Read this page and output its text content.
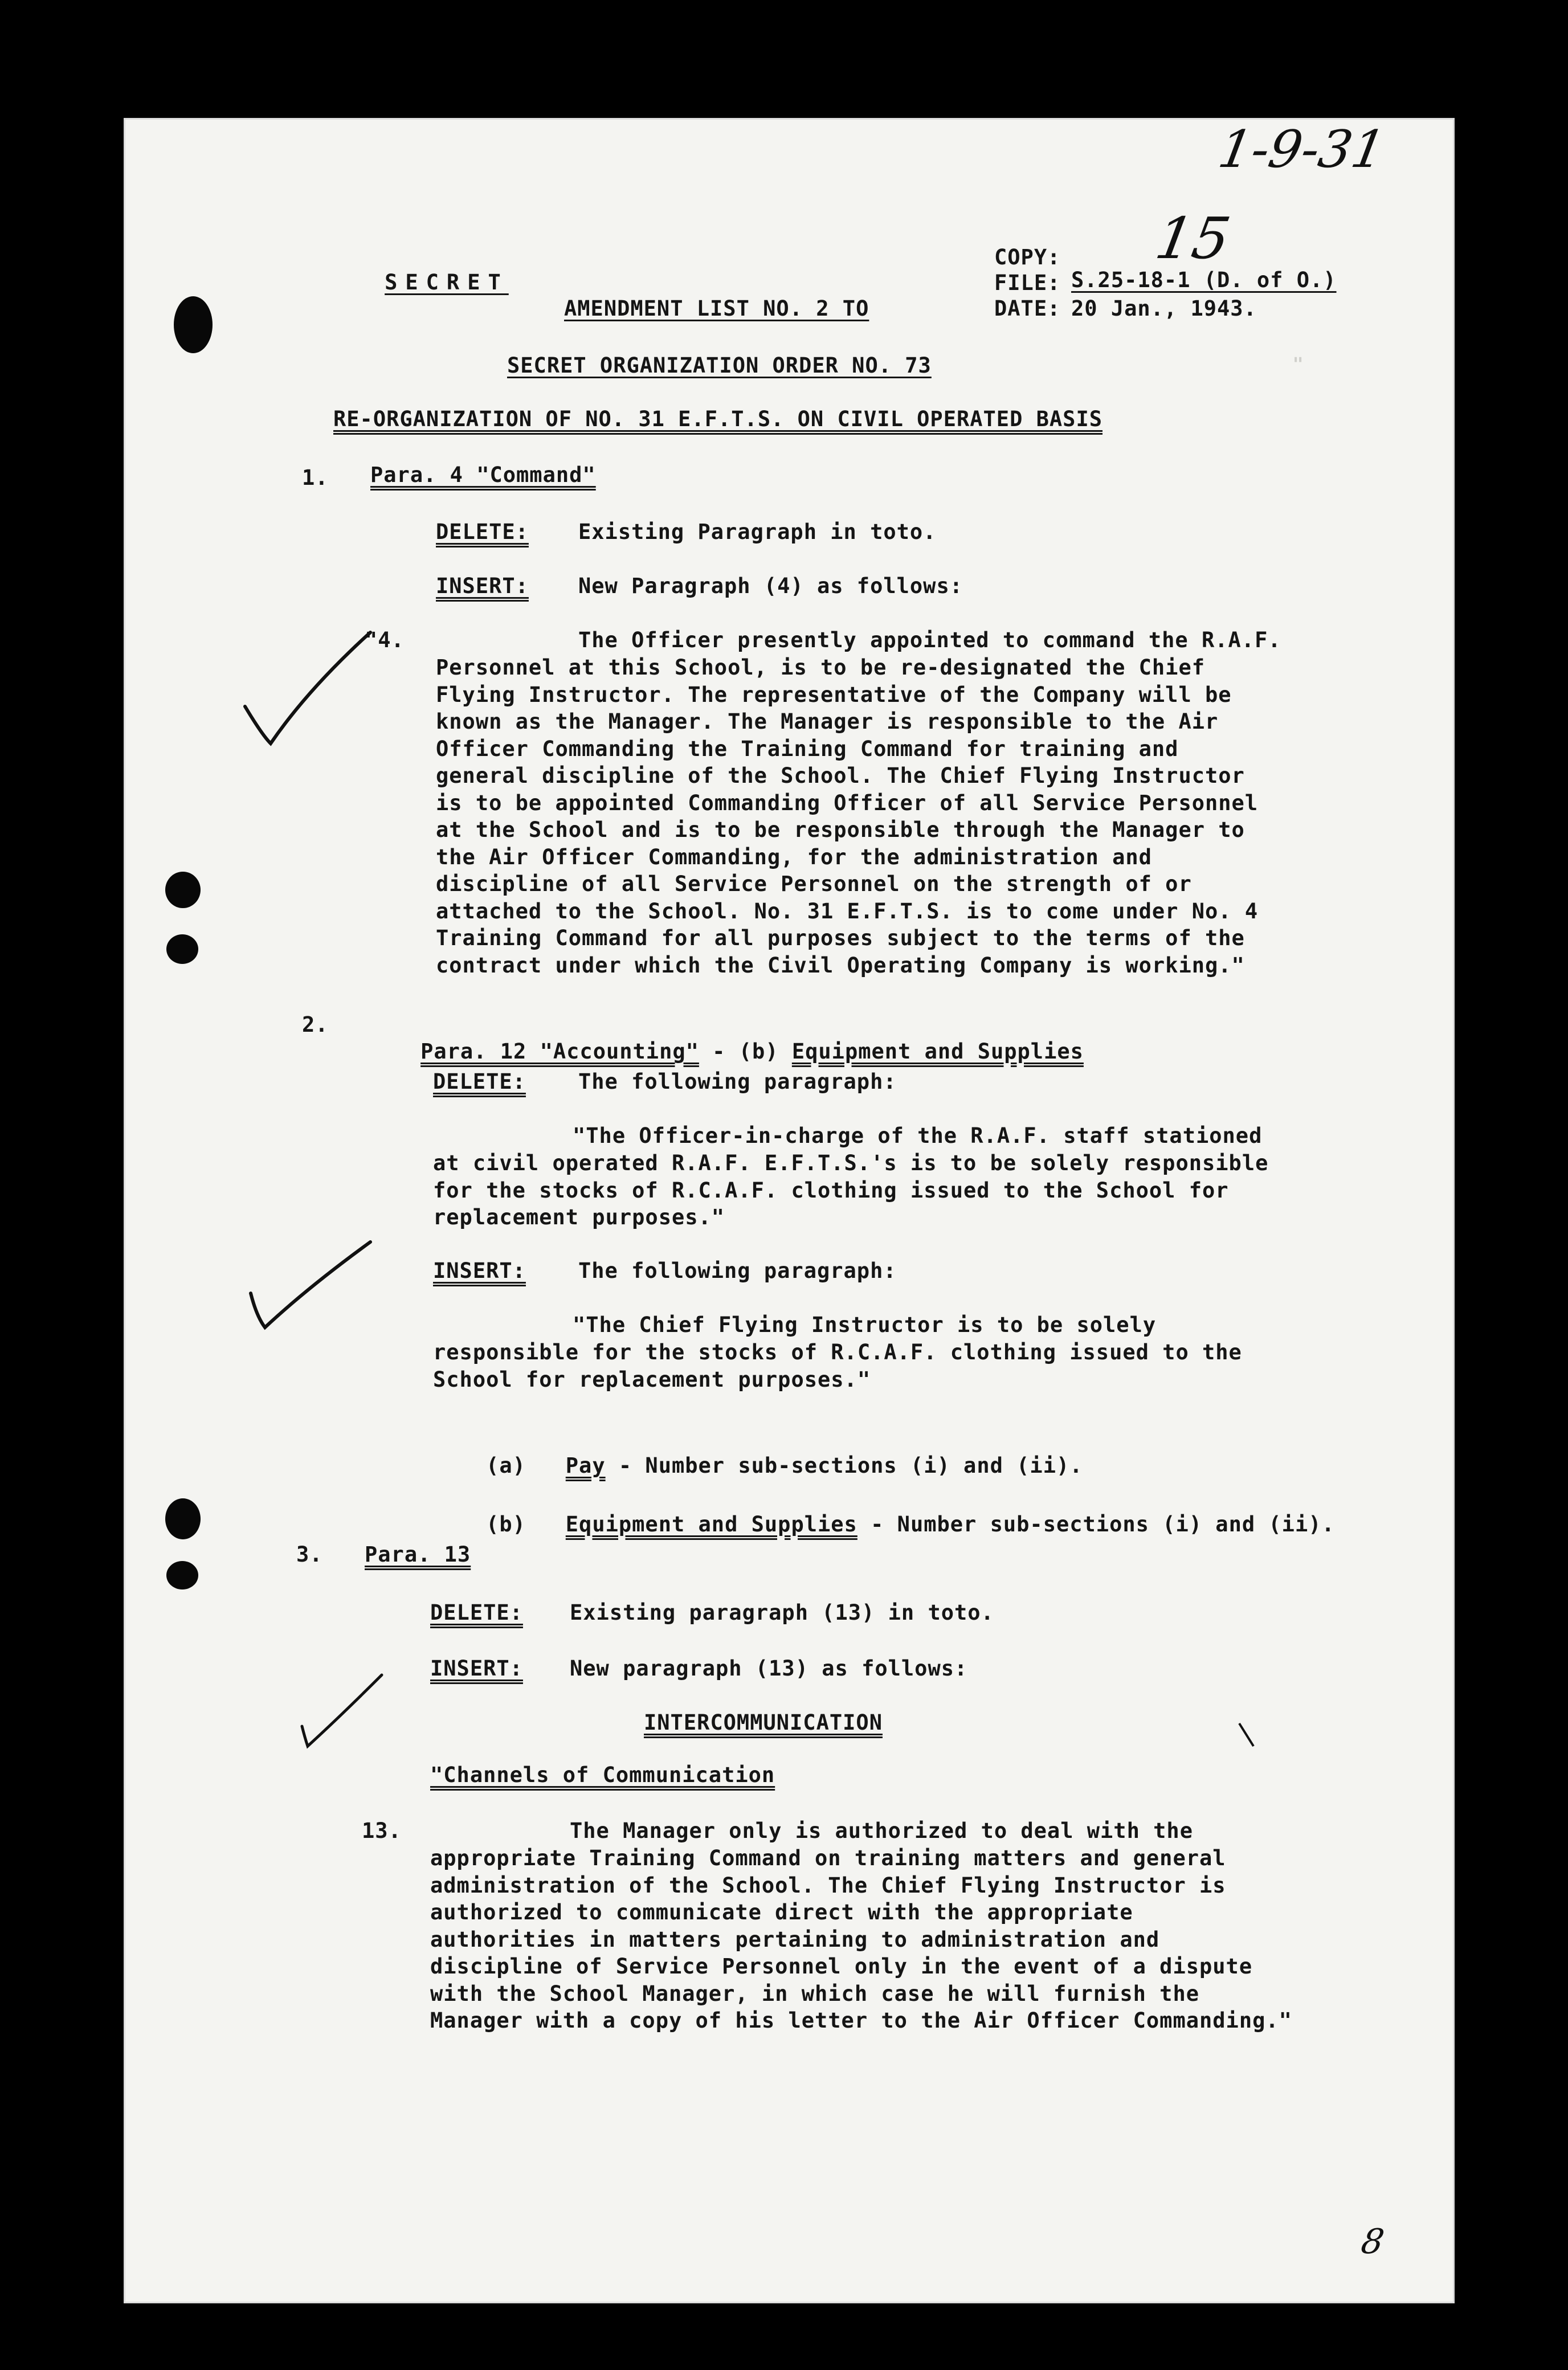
"
1-9-31
15
8

SECRET

COPY:
FILE: S.25-18-1 (D. of O.)
DATE: 20 Jan., 1943.
AMENDMENT LIST NO. 2 TO
SECRET ORGANIZATION ORDER NO. 73
RE-ORGANIZATION OF NO. 31 E.F.T.S. ON CIVIL OPERATED BASIS
1. Para. 4 "Command"
DELETE: Existing Paragraph in toto.
INSERT: New Paragraph (4) as follows:
"4.	The Officer presently appointed to command the R.A.F.
Personnel at this School, is to be re-designated the Chief
Flying Instructor. The representative of the Company will be
known as the Manager. The Manager is responsible to the Air
Officer Commanding the Training Command for training and
general discipline of the School. The Chief Flying Instructor
is to be appointed Commanding Officer of all Service Personnel
at the School and is to be responsible through the Manager to
the Air Officer Commanding, for the administration and
discipline of all Service Personnel on the strength of or
attached to the School. No. 31 E.F.T.S. is to come under No. 4
Training Command for all purposes subject to the terms of the
contract under which the Civil Operating Company is working."
2.

Para. 12 "Accounting" - (b) Equipment and Supplies

DELETE: The following paragraph:
"The Officer-in-charge of the R.A.F. staff stationed
at civil operated R.A.F. E.F.T.S.'s is to be solely responsible
for the stocks of R.C.A.F. clothing issued to the School for
replacement purposes."
INSERT: The following paragraph:
"The Chief Flying Instructor is to be solely
responsible for the stocks of R.C.A.F. clothing issued to the
School for replacement purposes."

(a) Pay - Number sub-sections (i) and (ii).

(b) Equipment and Supplies - Number sub-sections (i) and (ii).

3. Para. 13
DELETE: Existing paragraph (13) in toto.
INSERT: New paragraph (13) as follows:
INTERCOMMUNICATION
"Channels of Communication
13.	The Manager only is authorized to deal with the
appropriate Training Command on training matters and general
administration of the School. The Chief Flying Instructor is
authorized to communicate direct with the appropriate
authorities in matters pertaining to administration and
discipline of Service Personnel only in the event of a dispute
with the School Manager, in which case he will furnish the
Manager with a copy of his letter to the Air Officer Commanding."
